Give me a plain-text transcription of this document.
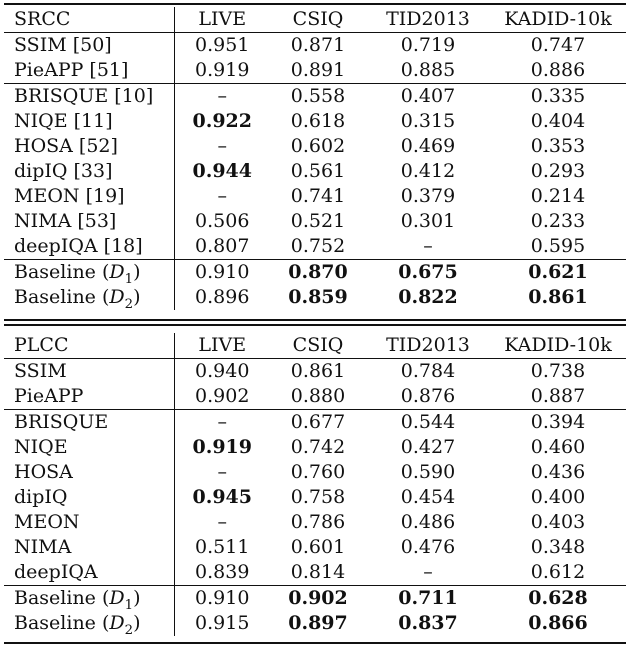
SRCC	LIVE	CSIQ	TID2013	KADID-10k
SSIM [50]	0.951	0.871	0.719	0.747
PieAPP [51]	0.919	0.891	0.885	0.886
BRISQUE [10]	–	0.558	0.407	0.335
NIQE [11]	0.922	0.618	0.315	0.404
HOSA [52]	–	0.602	0.469	0.353
dipIQ [33]	0.944	0.561	0.412	0.293
MEON [19]	–	0.741	0.379	0.214
NIMA [53]	0.506	0.521	0.301	0.233
deepIQA [18]	0.807	0.752	–	0.595
Baseline $(D_1)$	0.910	0.870	0.675	0.621
Baseline $(D_2)$	0.896	0.859	0.822	0.861
PLCC	LIVE	CSIQ	TID2013	KADID-10k
SSIM	0.940	0.861	0.784	0.738
PieAPP	0.902	0.880	0.876	0.887
BRISQUE	–	0.677	0.544	0.394
NIQE	0.919	0.742	0.427	0.460
HOSA	–	0.760	0.590	0.436
dipIQ	0.945	0.758	0.454	0.400
MEON	–	0.786	0.486	0.403
NIMA	0.511	0.601	0.476	0.348
deepIQA	0.839	0.814	–	0.612
Baseline $(D_1)$	0.910	0.902	0.711	0.628
Baseline $(D_2)$	0.915	0.897	0.837	0.866
